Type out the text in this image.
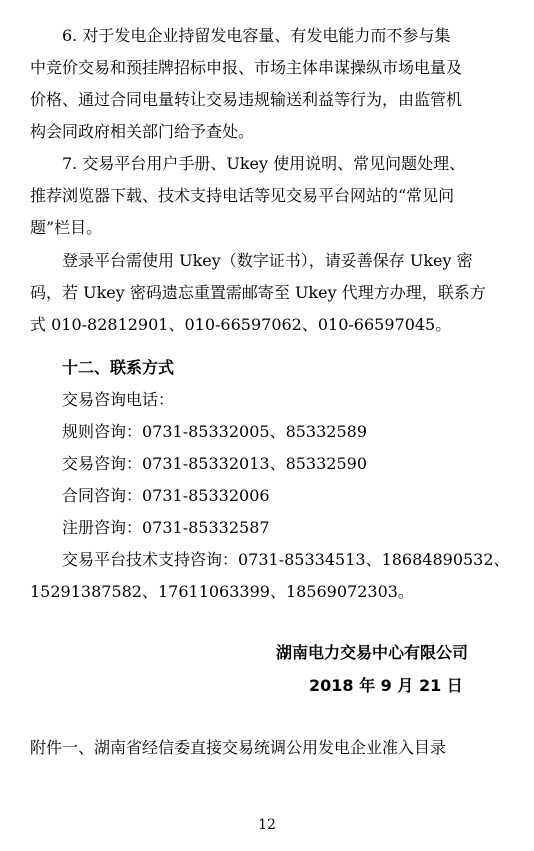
6. 对于发电企业持留发电容量、有发电能力而不参与集
中竞价交易和预挂牌招标申报、市场主体串谋操纵市场电量及
价格、通过合同电量转让交易违规输送利益等行为，由监管机
构会同政府相关部门给予查处。
7. 交易平台用户手册、Ukey 使用说明、常见问题处理、
推荐浏览器下载、技术支持电话等见交易平台网站的“常见问
题”栏目。
登录平台需使用 Ukey（数字证书），请妥善保存 Ukey 密
码，若 Ukey 密码遗忘重置需邮寄至 Ukey 代理方办理，联系方
式 010-82812901、010-66597062、010-66597045。
十二、联系方式
交易咨询电话：
规则咨询：0731-85332005、85332589
交易咨询：0731-85332013、85332590
合同咨询：0731-85332006
注册咨询：0731-85332587
交易平台技术支持咨询：0731-85334513、18684890532、
15291387582、17611063399、18569072303。
湖南电力交易中心有限公司
2018 年 9 月 21 日
附件一、湖南省经信委直接交易统调公用发电企业准入目录
12
